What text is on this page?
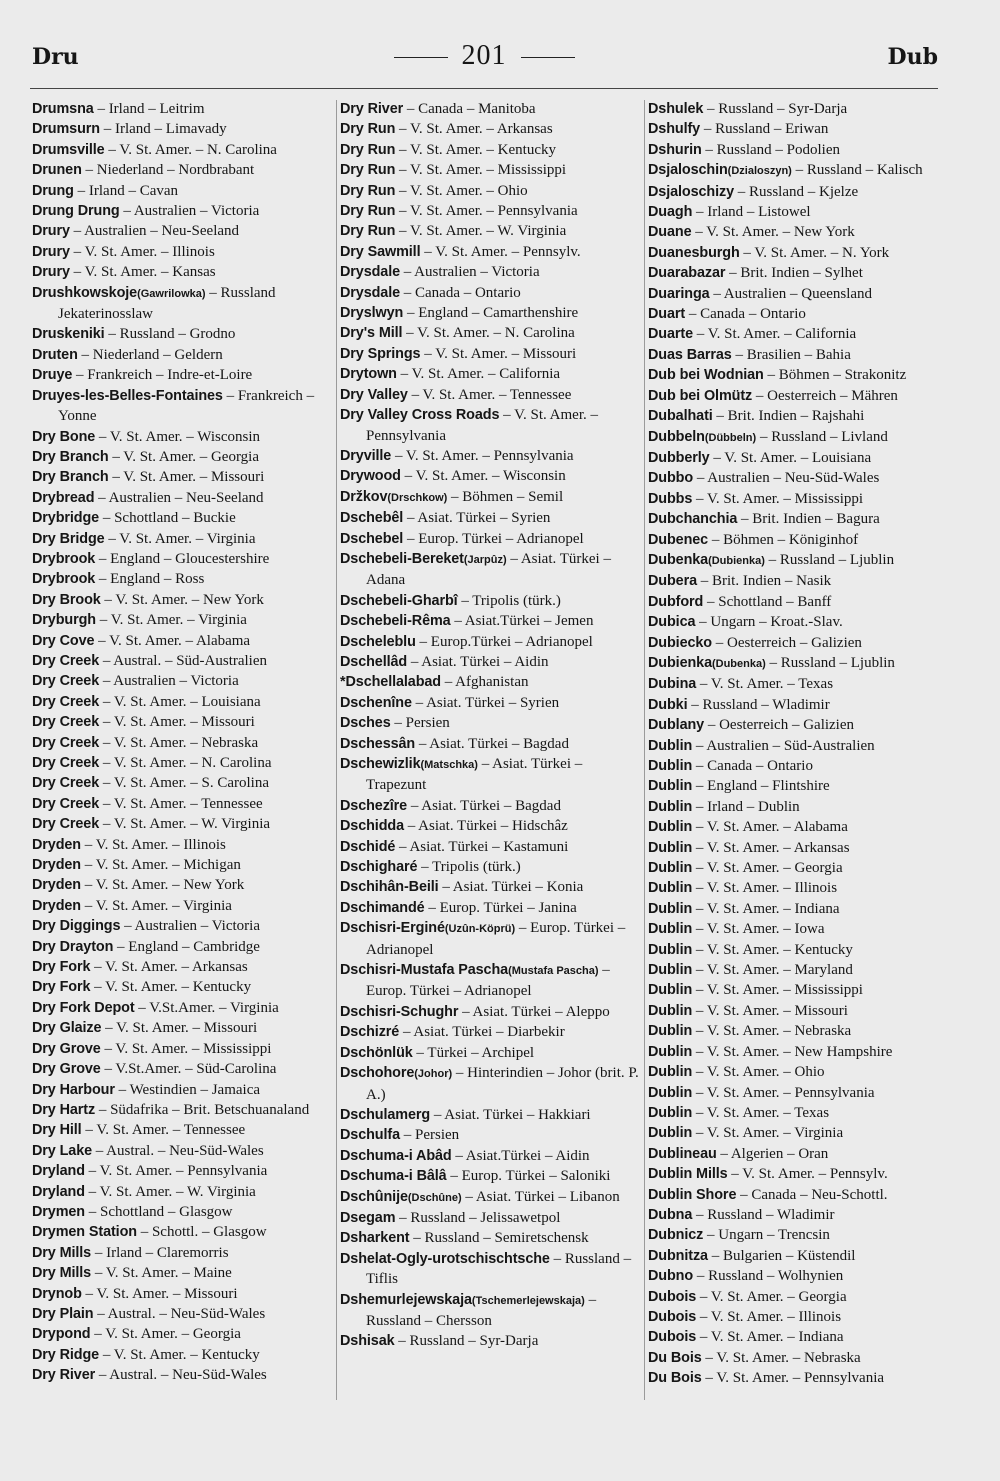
Dru	201	Dub
Drumsna – Irland – Leitrim
Drumsurn – Irland – Limavady
Drumsville – V. St. Amer. – N. Carolina
Drunen – Niederland – Nordbrabant
Drung – Irland – Cavan
Drung Drung – Australien – Victoria
Drury – Australien – Neu-Seeland
Drury – V. St. Amer. – Illinois
Drury – V. St. Amer. – Kansas
Drushkowskoje(Gawrilowka) – Russland Jekaterinosslaw
Druskeniki – Russland – Grodno
Druten – Niederland – Geldern
Druye – Frankreich – Indre-et-Loire
Druyes-les-Belles-Fontaines – Frankreich – Yonne
Dry Bone – V. St. Amer. – Wisconsin
Dry Branch – V. St. Amer. – Georgia
Dry Branch – V. St. Amer. – Missouri
Drybread – Australien – Neu-Seeland
Drybridge – Schottland – Buckie
Dry Bridge – V. St. Amer. – Virginia
Drybrook – England – Gloucestershire
Drybrook – England – Ross
Dry Brook – V. St. Amer. – New York
Dryburgh – V. St. Amer. – Virginia
Dry Cove – V. St. Amer. – Alabama
Dry Creek – Austral. – Süd-Australien
Dry Creek – Australien – Victoria
Dry Creek – V. St. Amer. – Louisiana
Dry Creek – V. St. Amer. – Missouri
Dry Creek – V. St. Amer. – Nebraska
Dry Creek – V. St. Amer. – N. Carolina
Dry Creek – V. St. Amer. – S. Carolina
Dry Creek – V. St. Amer. – Tennessee
Dry Creek – V. St. Amer. – W. Virginia
Dryden – V. St. Amer. – Illinois
Dryden – V. St. Amer. – Michigan
Dryden – V. St. Amer. – New York
Dryden – V. St. Amer. – Virginia
Dry Diggings – Australien – Victoria
Dry Drayton – England – Cambridge
Dry Fork – V. St. Amer. – Arkansas
Dry Fork – V. St. Amer. – Kentucky
Dry Fork Depot – V.St.Amer. – Virginia
Dry Glaize – V. St. Amer. – Missouri
Dry Grove – V. St. Amer. – Mississippi
Dry Grove – V.St.Amer. – Süd-Carolina
Dry Harbour – Westindien – Jamaica
Dry Hartz – Südafrika – Brit. Betschuanaland
Dry Hill – V. St. Amer. – Tennessee
Dry Lake – Austral. – Neu-Süd-Wales
Dryland – V. St. Amer. – Pennsylvania
Dryland – V. St. Amer. – W. Virginia
Drymen – Schottland – Glasgow
Drymen Station – Schottl. – Glasgow
Dry Mills – Irland – Claremorris
Dry Mills – V. St. Amer. – Maine
Drynob – V. St. Amer. – Missouri
Dry Plain – Austral. – Neu-Süd-Wales
Drypond – V. St. Amer. – Georgia
Dry Ridge – V. St. Amer. – Kentucky
Dry River – Austral. – Neu-Süd-Wales
Dry River – Canada – Manitoba
Dry Run – V. St. Amer. – Arkansas
Dry Run – V. St. Amer. – Kentucky
Dry Run – V. St. Amer. – Mississippi
Dry Run – V. St. Amer. – Ohio
Dry Run – V. St. Amer. – Pennsylvania
Dry Run – V. St. Amer. – W. Virginia
Dry Sawmill – V. St. Amer. – Pennsylv.
Drysdale – Australien – Victoria
Drysdale – Canada – Ontario
Dryslwyn – England – Camarthenshire
Dry's Mill – V. St. Amer. – N. Carolina
Dry Springs – V. St. Amer. – Missouri
Drytown – V. St. Amer. – California
Dry Valley – V. St. Amer. – Tennessee
Dry Valley Cross Roads – V. St. Amer. – Pennsylvania
Dryville – V. St. Amer. – Pennsylvania
Drywood – V. St. Amer. – Wisconsin
Držkov(Drschkow) – Böhmen – Semil
Dschebêl – Asiat. Türkei – Syrien
Dschebel – Europ. Türkei – Adrianopel
Dschebeli-Bereket(Jarpûz) – Asiat. Türkei – Adana
Dschebeli-Gharbî – Tripolis (türk.)
Dschebeli-Rêma – Asiat.Türkei – Jemen
Dscheleblu – Europ.Türkei – Adrianopel
Dschellâd – Asiat. Türkei – Aidin
*Dschellalabad – Afghanistan
Dschenîne – Asiat. Türkei – Syrien
Dsches – Persien
Dschessân – Asiat. Türkei – Bagdad
Dschewizlik(Matschka) – Asiat. Türkei – Trapezunt
Dschezîre – Asiat. Türkei – Bagdad
Dschidda – Asiat. Türkei – Hidschâz
Dschidé – Asiat. Türkei – Kastamuni
Dschigharé – Tripolis (türk.)
Dschihân-Beili – Asiat. Türkei – Konia
Dschimandé – Europ. Türkei – Janina
Dschisri-Erginé(Uzûn-Köprü) – Europ. Türkei – Adrianopel
Dschisri-Mustafa Pascha(Mustafa Pascha) – Europ. Türkei – Adrianopel
Dschisri-Schughr – Asiat. Türkei – Aleppo
Dschizré – Asiat. Türkei – Diarbekir
Dschönlük – Türkei – Archipel
Dschohore(Johor) – Hinterindien – Johor (brit. P. A.)
Dschulamerg – Asiat. Türkei – Hakkiari
Dschulfa – Persien
Dschuma-i Abâd – Asiat.Türkei – Aidin
Dschuma-i Bâlâ – Europ. Türkei – Saloniki
Dschûnije(Dschûne) – Asiat. Türkei – Libanon
Dsegam – Russland – Jelissawetpol
Dsharkent – Russland – Semiretschensk
Dshelat-Ogly-urotschischtsche – Russland – Tiflis
Dshemurlejewskaja(Tschemerlejewskaja) – Russland – Chersson
Dshisak – Russland – Syr-Darja
Dshulek – Russland – Syr-Darja
Dshulfy – Russland – Eriwan
Dshurin – Russland – Podolien
Dsjaloschin(Dzialoszyn) – Russland – Kalisch
Dsjaloschizy – Russland – Kjelze
Duagh – Irland – Listowel
Duane – V. St. Amer. – New York
Duanesburgh – V. St. Amer. – N. York
Duarabazar – Brit. Indien – Sylhet
Duaringa – Australien – Queensland
Duart – Canada – Ontario
Duarte – V. St. Amer. – California
Duas Barras – Brasilien – Bahia
Dub bei Wodnian – Böhmen – Strakonitz
Dub bei Olmütz – Oesterreich – Mähren
Dubalhati – Brit. Indien – Rajshahi
Dubbeln(Dübbeln) – Russland – Livland
Dubberly – V. St. Amer. – Louisiana
Dubbo – Australien – Neu-Süd-Wales
Dubbs – V. St. Amer. – Mississippi
Dubchanchia – Brit. Indien – Bagura
Dubenec – Böhmen – Königinhof
Dubenka(Dubienka) – Russland – Ljublin
Dubera – Brit. Indien – Nasik
Dubford – Schottland – Banff
Dubica – Ungarn – Kroat.-Slav.
Dubiecko – Oesterreich – Galizien
Dubienka(Dubenka) – Russland – Ljublin
Dubina – V. St. Amer. – Texas
Dubki – Russland – Wladimir
Dublany – Oesterreich – Galizien
Dublin – Australien – Süd-Australien
Dublin – Canada – Ontario
Dublin – England – Flintshire
Dublin – Irland – Dublin
Dublin – V. St. Amer. – Alabama
Dublin – V. St. Amer. – Arkansas
Dublin – V. St. Amer. – Georgia
Dublin – V. St. Amer. – Illinois
Dublin – V. St. Amer. – Indiana
Dublin – V. St. Amer. – Iowa
Dublin – V. St. Amer. – Kentucky
Dublin – V. St. Amer. – Maryland
Dublin – V. St. Amer. – Mississippi
Dublin – V. St. Amer. – Missouri
Dublin – V. St. Amer. – Nebraska
Dublin – V. St. Amer. – New Hampshire
Dublin – V. St. Amer. – Ohio
Dublin – V. St. Amer. – Pennsylvania
Dublin – V. St. Amer. – Texas
Dublin – V. St. Amer. – Virginia
Dublineau – Algerien – Oran
Dublin Mills – V. St. Amer. – Pennsylv.
Dublin Shore – Canada – Neu-Schottl.
Dubna – Russland – Wladimir
Dubnicz – Ungarn – Trencsin
Dubnitza – Bulgarien – Küstendil
Dubno – Russland – Wolhynien
Dubois – V. St. Amer. – Georgia
Dubois – V. St. Amer. – Illinois
Dubois – V. St. Amer. – Indiana
Du Bois – V. St. Amer. – Nebraska
Du Bois – V. St. Amer. – Pennsylvania
